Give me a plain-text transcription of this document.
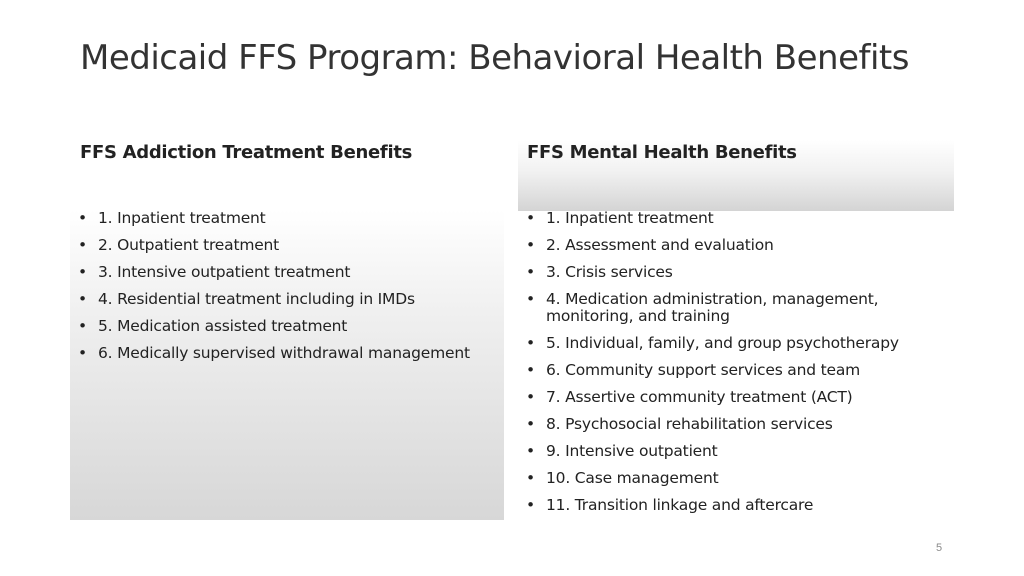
Medicaid FFS Program: Behavioral Health Benefits
FFS Addiction Treatment Benefits	FFS Mental Health Benefits
• 1. Inpatient treatment
• 2. Outpatient treatment
• 3. Intensive outpatient treatment
• 4. Residential treatment including in IMDs
• 5. Medication assisted treatment
• 6. Medically supervised withdrawal management
• 1. Inpatient treatment
• 2. Assessment and evaluation
• 3. Crisis services
• 4. Medication administration, management, monitoring, and training
• 5. Individual, family, and group psychotherapy
• 6. Community support services and team
• 7. Assertive community treatment (ACT)
• 8. Psychosocial rehabilitation services
• 9. Intensive outpatient
• 10. Case management
• 11. Transition linkage and aftercare
5
